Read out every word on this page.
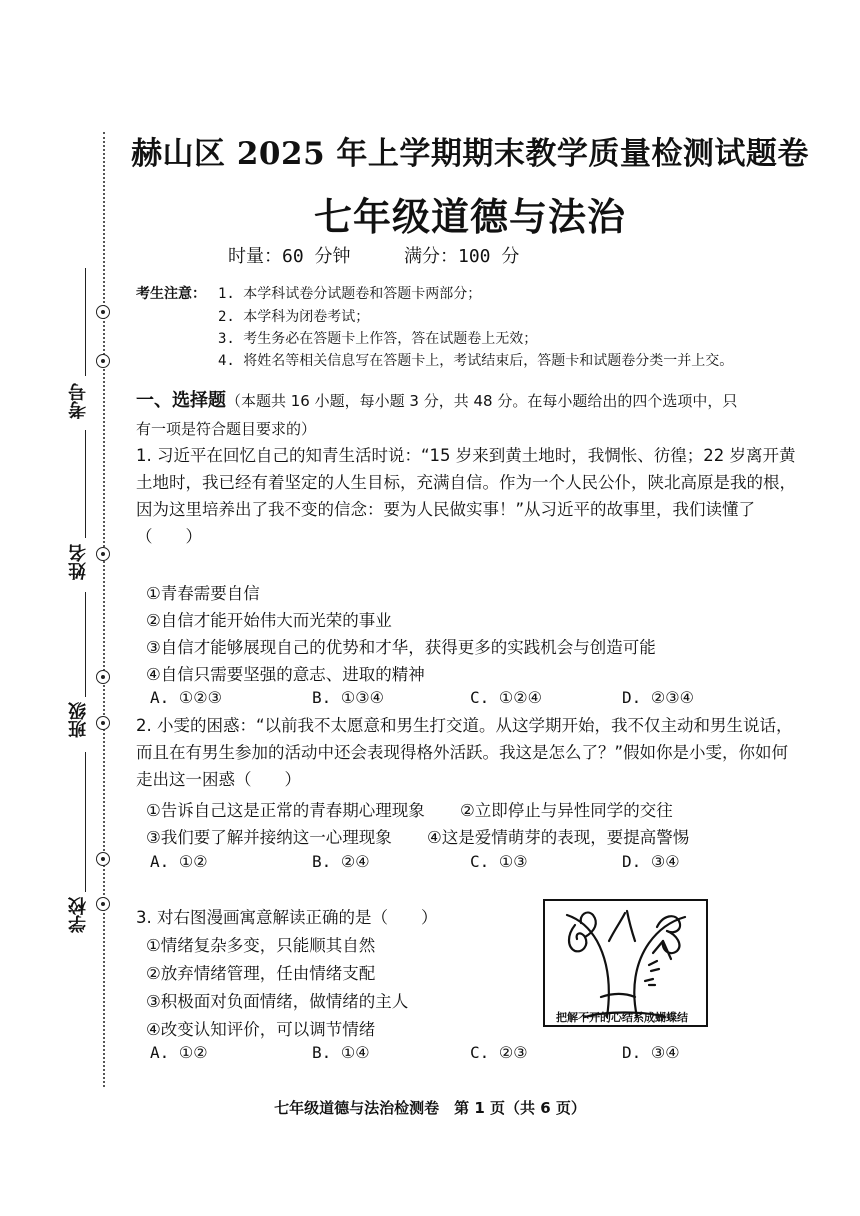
考号
姓名
班级
学校
赫山区 2025 年上学期期末教学质量检测试题卷
七年级道德与法治
时量：60 分钟	满分：100 分
考生注意： 1. 本学科试卷分试题卷和答题卡两部分；
2. 本学科为闭卷考试；
3. 考生务必在答题卡上作答，答在试题卷上无效；
4. 将姓名等相关信息写在答题卡上，考试结束后，答题卡和试题卷分类一并上交。
一、选择题（本题共 16 小题，每小题 3 分，共 48 分。在每小题给出的四个选项中，只
有一项是符合题目要求的）
1. 习近平在回忆自己的知青生活时说：“15 岁来到黄土地时，我惆怅、彷徨；22 岁离开黄土地时，我已经有着坚定的人生目标，充满自信。作为一个人民公仆，陕北高原是我的根，因为这里培养出了我不变的信念：要为人民做实事！”从习近平的故事里，我们读懂了（　　）
①青春需要自信
②自信才能开始伟大而光荣的事业
③自信才能够展现自己的优势和才华，获得更多的实践机会与创造可能
④自信只需要坚强的意志、进取的精神
A. ①②③	B. ①③④	C. ①②④	D. ②③④
2. 小雯的困惑：“以前我不太愿意和男生打交道。从这学期开始，我不仅主动和男生说话，而且在有男生参加的活动中还会表现得格外活跃。我这是怎么了？”假如你是小雯，你如何走出这一困惑（　　）
①告诉自己这是正常的青春期心理现象 ②立即停止与异性同学的交往
③我们要了解并接纳这一心理现象 ④这是爱情萌芽的表现，要提高警惕
A. ①②	B. ②④	C. ①③	D. ③④
3. 对右图漫画寓意解读正确的是（　　）
①情绪复杂多变，只能顺其自然
②放弃情绪管理，任由情绪支配
③积极面对负面情绪，做情绪的主人
④改变认知评价，可以调节情绪
A. ①②	B. ①④	C. ②③	D. ③④
把解不开的心结系成蝴蝶结
七年级道德与法治检测卷　第 1 页（共 6 页）
